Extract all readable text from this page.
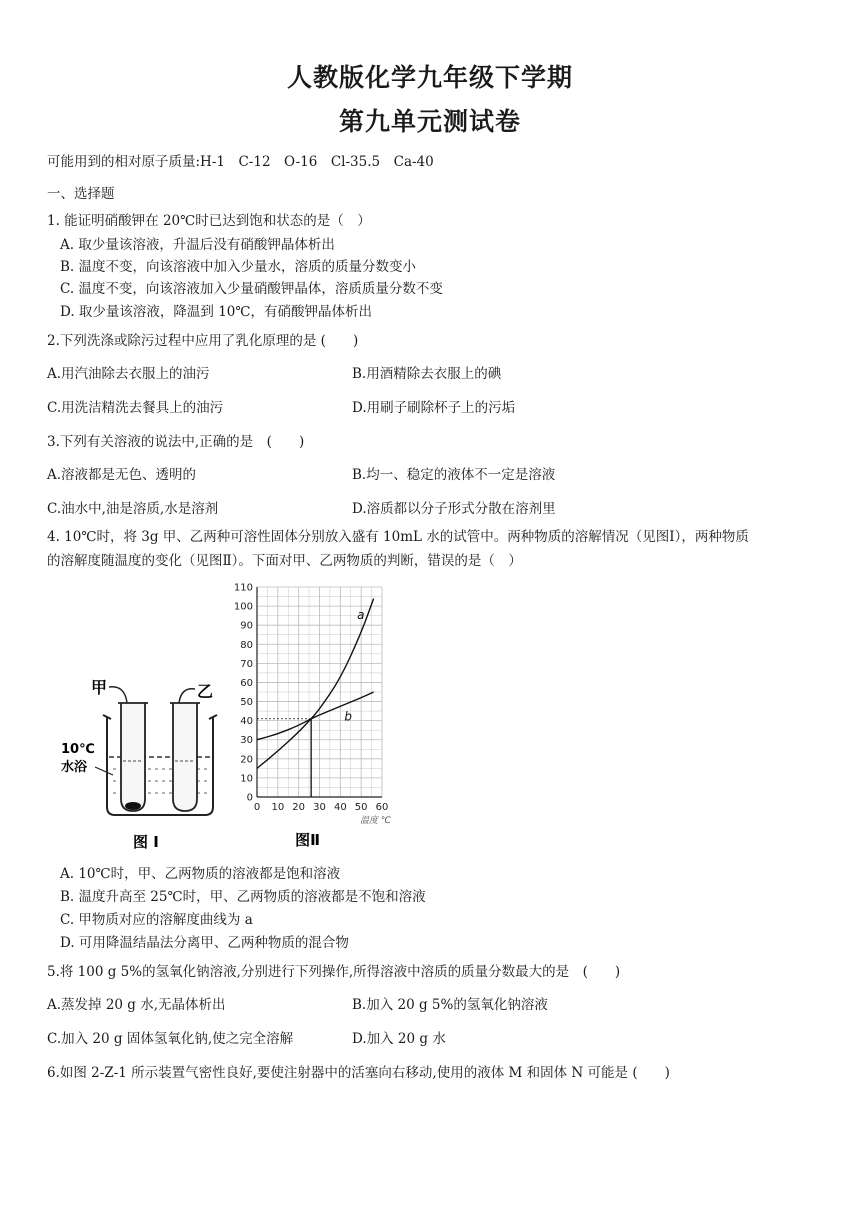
人教版化学九年级下学期
第九单元测试卷
可能用到的相对原子质量:H-1　C-12　O-16　Cl-35.5　Ca-40
一、选择题
1. 能证明硝酸钾在 20℃时已达到饱和状态的是（　）
A. 取少量该溶液，升温后没有硝酸钾晶体析出
B. 温度不变，向该溶液中加入少量水，溶质的质量分数变小
C. 温度不变，向该溶液加入少量硝酸钾晶体，溶质质量分数不变
D. 取少量该溶液，降温到 10℃，有硝酸钾晶体析出
2.下列洗涤或除污过程中应用了乳化原理的是 (　　)
A.用汽油除去衣服上的油污	B.用酒精除去衣服上的碘
C.用洗洁精洗去餐具上的油污	D.用刷子刷除杯子上的污垢
3.下列有关溶液的说法中,正确的是　(　　)
A.溶液都是无色、透明的	B.均一、稳定的液体不一定是溶液
C.油水中,油是溶质,水是溶剂	D.溶质都以分子形式分散在溶剂里
4. 10℃时，将 3g 甲、乙两种可溶性固体分别放入盛有 10mL 水的试管中。两种物质的溶解情况（见图Ⅰ），两种物质
的溶解度随温度的变化（见图Ⅱ）。下面对甲、乙两物质的判断，错误的是（　）
甲	乙
10℃
水浴
图 I
0
10
20
30
40
50
60
70
80
90
100
110
0 10 20 30 40 50 60
a
b
温度 ℃
图Ⅱ
A. 10℃时，甲、乙两物质的溶液都是饱和溶液
B. 温度升高至 25℃时，甲、乙两物质的溶液都是不饱和溶液
C. 甲物质对应的溶解度曲线为 a
D. 可用降温结晶法分离甲、乙两种物质的混合物
5.将 100 g 5%的氢氧化钠溶液,分别进行下列操作,所得溶液中溶质的质量分数最大的是　(　　)
A.蒸发掉 20 g 水,无晶体析出	B.加入 20 g 5%的氢氧化钠溶液
C.加入 20 g 固体氢氧化钠,使之完全溶解	D.加入 20 g 水
6.如图 2-Z-1 所示装置气密性良好,要使注射器中的活塞向右移动,使用的液体 M 和固体 N 可能是 (　　)
